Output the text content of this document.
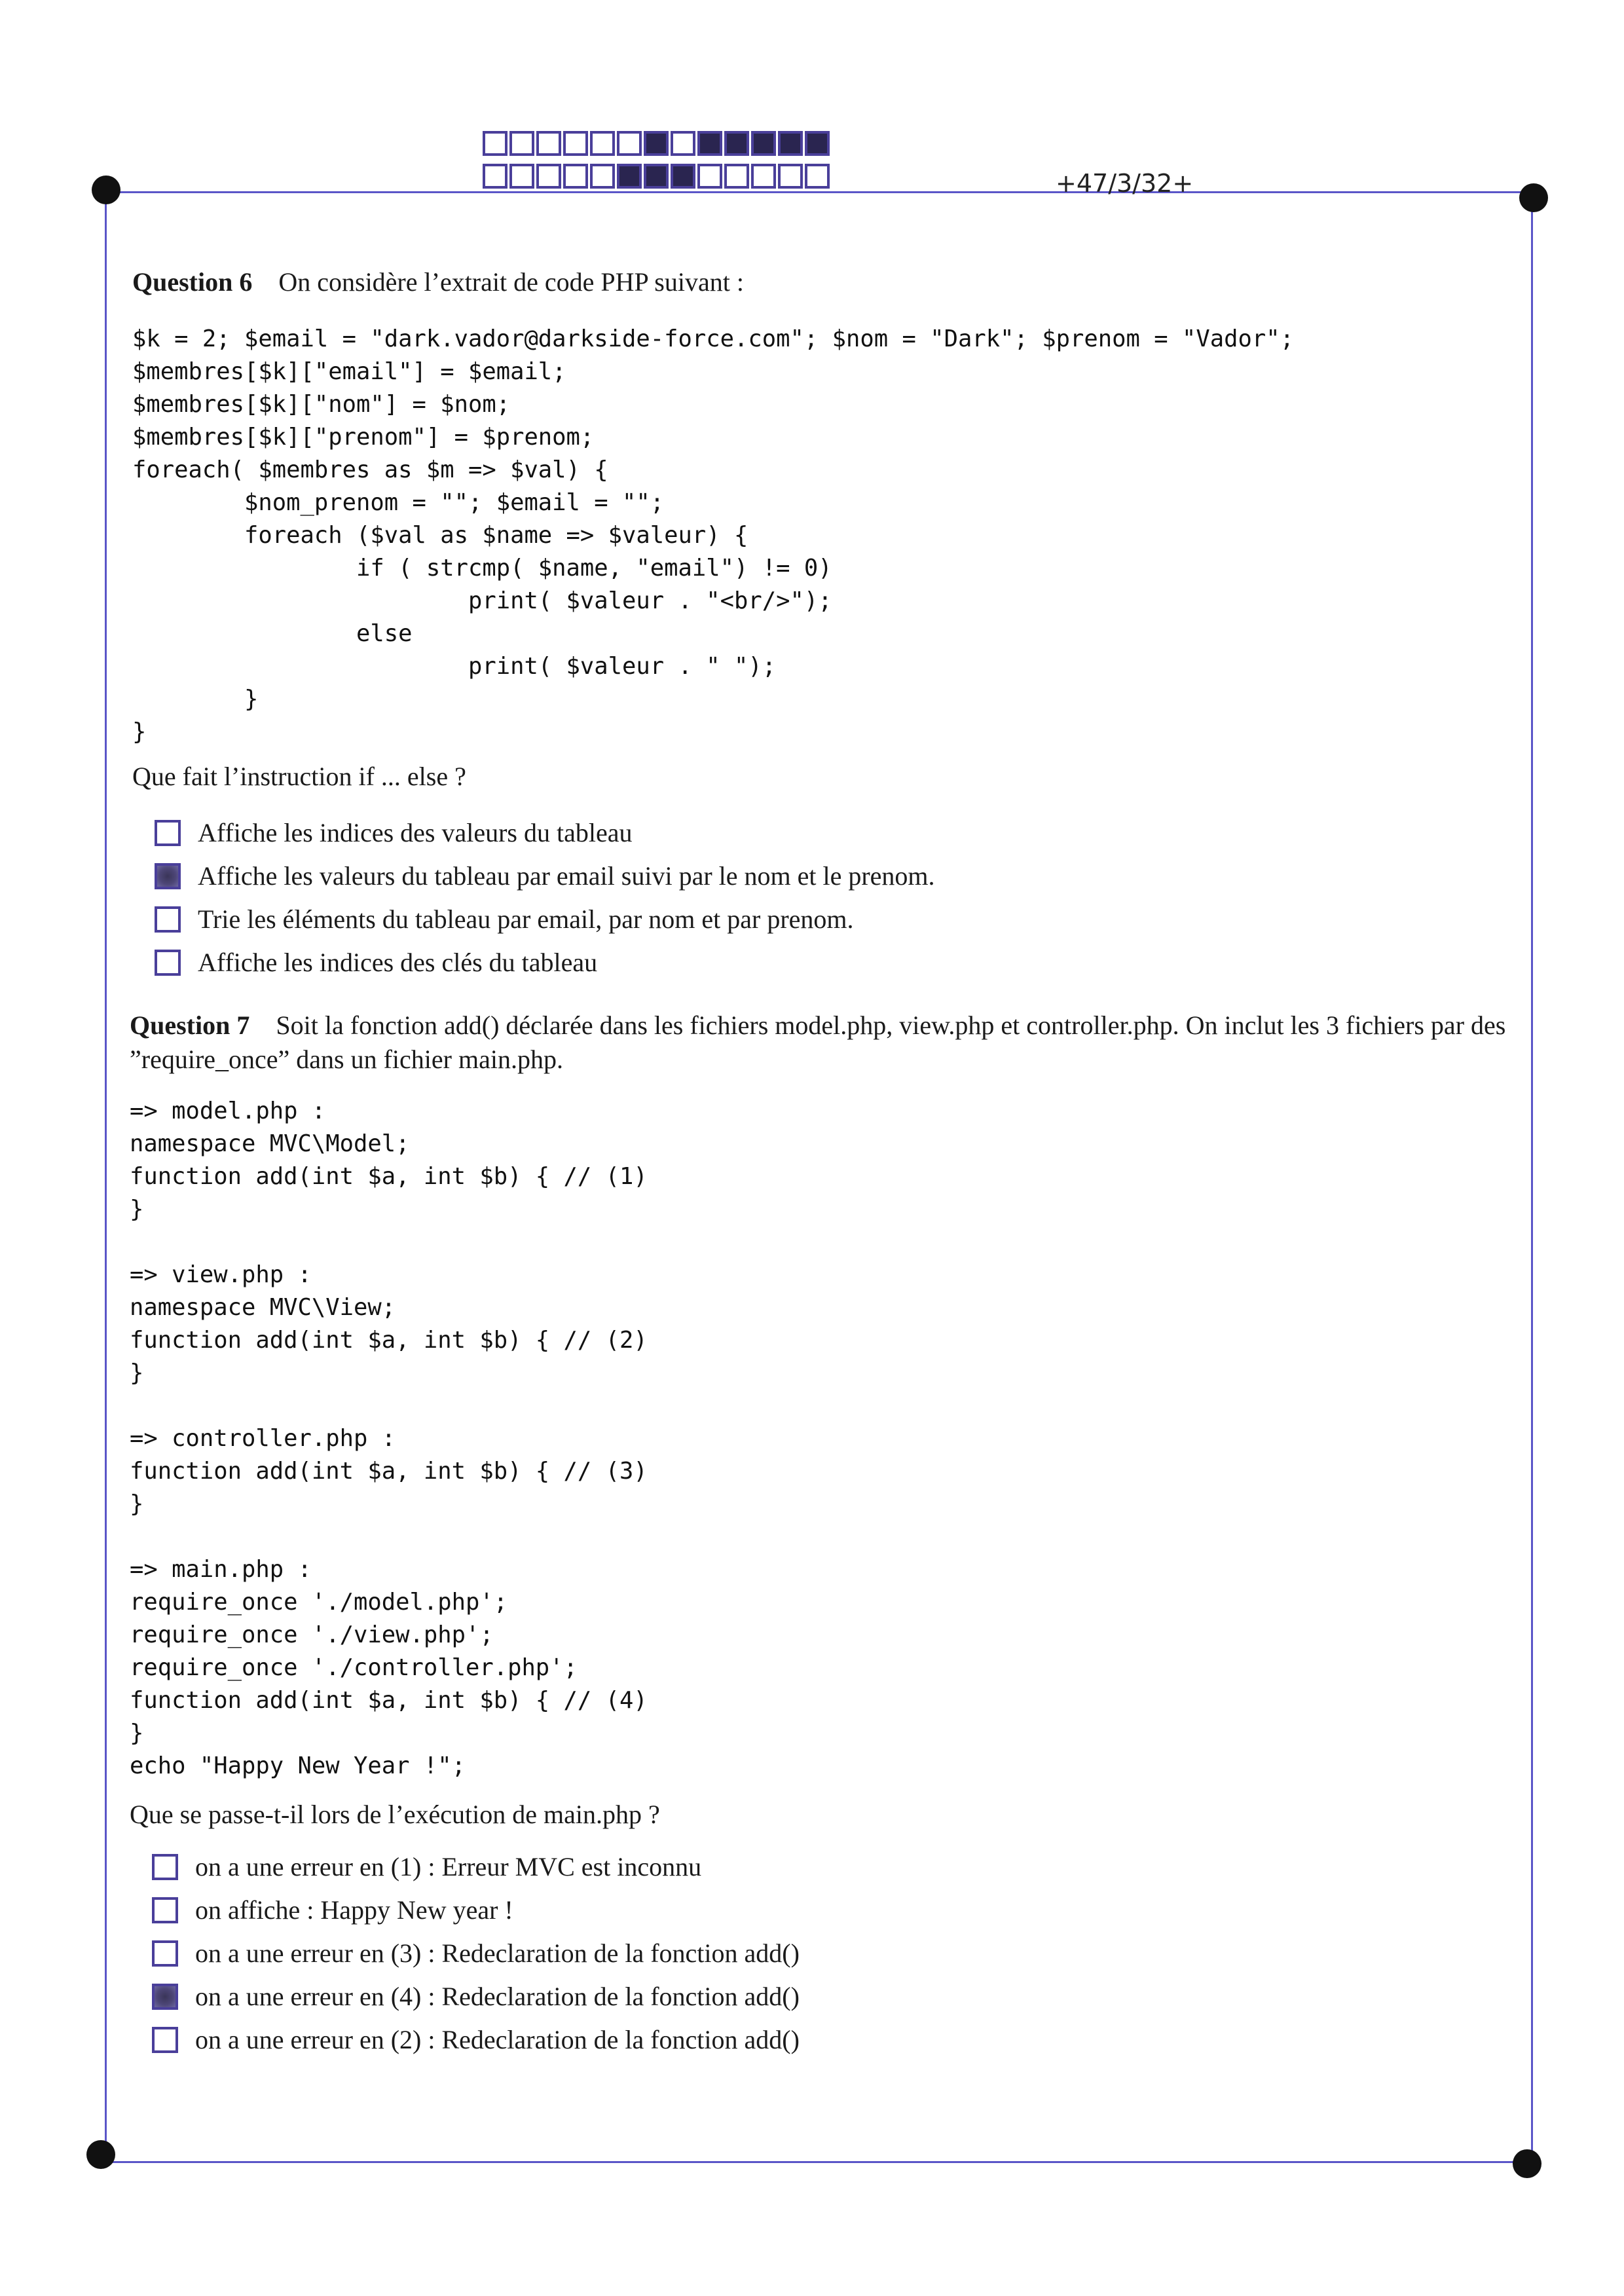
+47/3/32+
Question 6 On considère l’extrait de code PHP suivant :
$k = 2; $email = "dark.vador@darkside-force.com"; $nom = "Dark"; $prenom = "Vador";
$membres[$k]["email"] = $email;
$membres[$k]["nom"] = $nom;
$membres[$k]["prenom"] = $prenom;
foreach( $membres as $m => $val) {
$nom_prenom = ""; $email = "";
foreach ($val as $name => $valeur) {
if ( strcmp( $name, "email") != 0)
print( $valeur . "<br/>");
else
print( $valeur . " ");
}
}
Que fait l’instruction if ... else ?
Affiche les indices des valeurs du tableau
Affiche les valeurs du tableau par email suivi par le nom et le prenom.
Trie les éléments du tableau par email, par nom et par prenom.
Affiche les indices des clés du tableau
Question 7 Soit la fonction add() déclarée dans les fichiers model.php, view.php et controller.php. On inclut les 3 fichiers par des ”require_once” dans un fichier main.php.
=> model.php :
namespace MVC\Model;
function add(int $a, int $b) { // (1)
}

=> view.php :
namespace MVC\View;
function add(int $a, int $b) { // (2)
}

=> controller.php :
function add(int $a, int $b) { // (3)
}

=> main.php :
require_once './model.php';
require_once './view.php';
require_once './controller.php';
function add(int $a, int $b) { // (4)
}
echo "Happy New Year !";
Que se passe-t-il lors de l’exécution de main.php ?
on a une erreur en (1) : Erreur MVC est inconnu
on affiche : Happy New year !
on a une erreur en (3) : Redeclaration de la fonction add()
on a une erreur en (4) : Redeclaration de la fonction add()
on a une erreur en (2) : Redeclaration de la fonction add()
